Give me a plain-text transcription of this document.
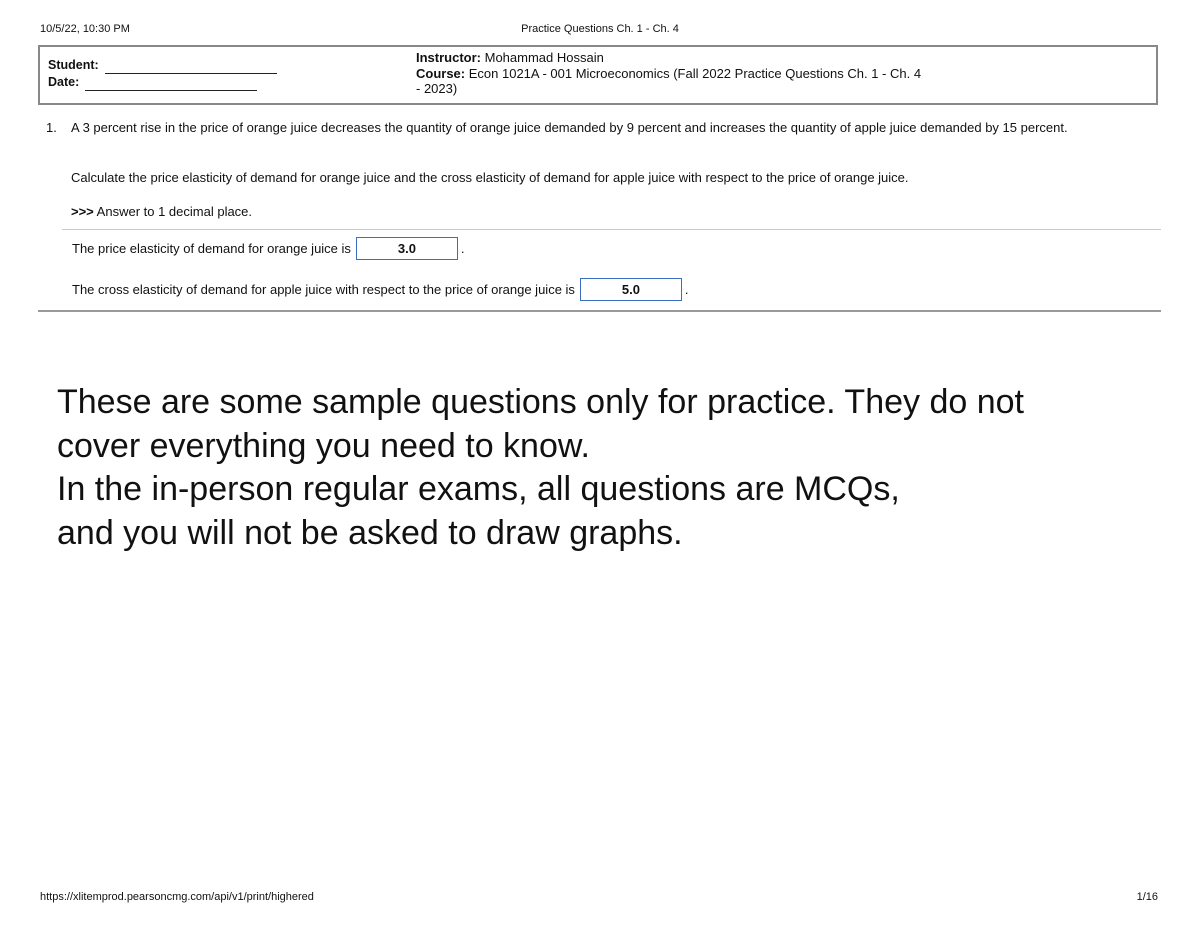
10/5/22, 10:30 PM	Practice Questions Ch. 1 - Ch. 4
Student:
Date:
Instructor: Mohammad Hossain
Course: Econ 1021A - 001 Microeconomics (Fall 2022 Practice Questions Ch. 1 - Ch. 4
- 2023)
1. A 3 percent rise in the price of orange juice decreases the quantity of orange juice demanded by 9 percent and increases the quantity of apple juice demanded by 15 percent.
Calculate the price elasticity of demand for orange juice and the cross elasticity of demand for apple juice with respect to the price of orange juice.
>>> Answer to 1 decimal place.
The price elasticity of demand for orange juice is	3.0	.
The cross elasticity of demand for apple juice with respect to the price of orange juice is	5.0	.
These are some sample questions only for practice. They do not
cover everything you need to know.
In the in-person regular exams, all questions are MCQs,
and you will not be asked to draw graphs.
https://xlitemprod.pearsoncmg.com/api/v1/print/highered	1/16
